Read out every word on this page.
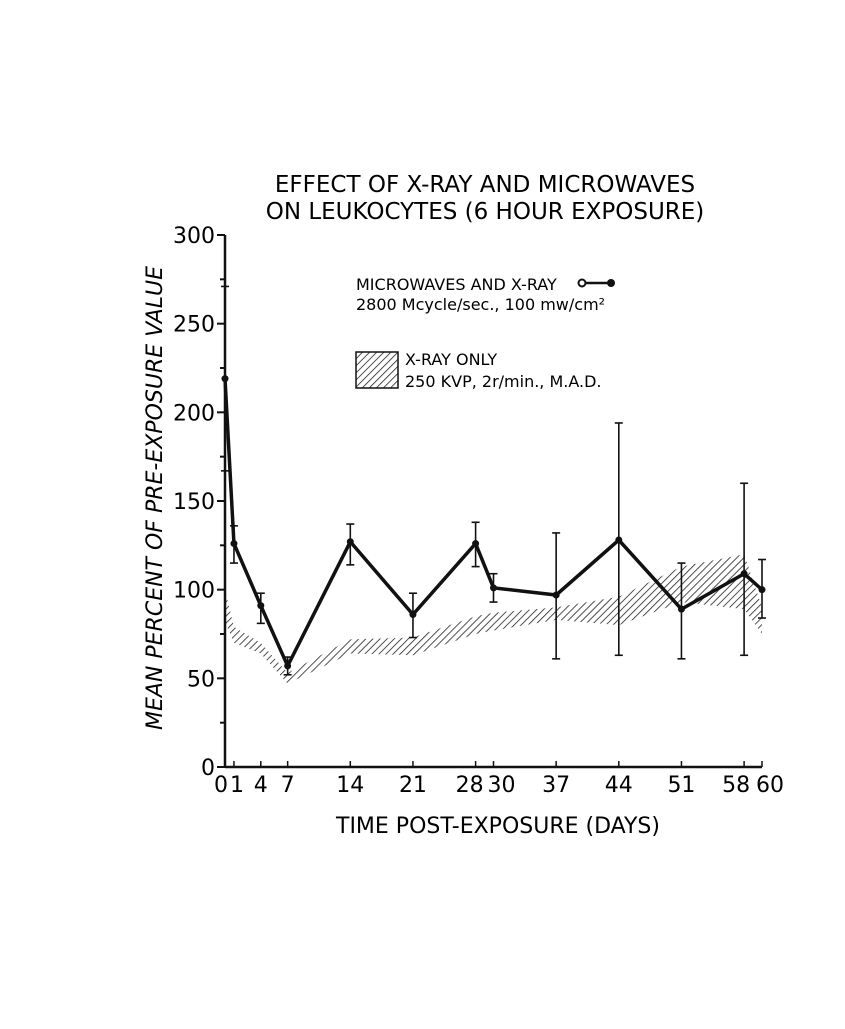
EFFECT OF X-RAY AND MICROWAVES
ON LEUKOCYTES (6 HOUR EXPOSURE)
0
50
100
150
200
250
300
0 1 4 7 14 21 28 30 37 44 51 58 60
MEAN PERCENT OF PRE-EXPOSURE VALUE
TIME POST-EXPOSURE (DAYS)
MICROWAVES AND X-RAY
2800 Mcycle/sec., 100 mw/cm²
X-RAY ONLY
250 KVP, 2r/min., M.A.D.
